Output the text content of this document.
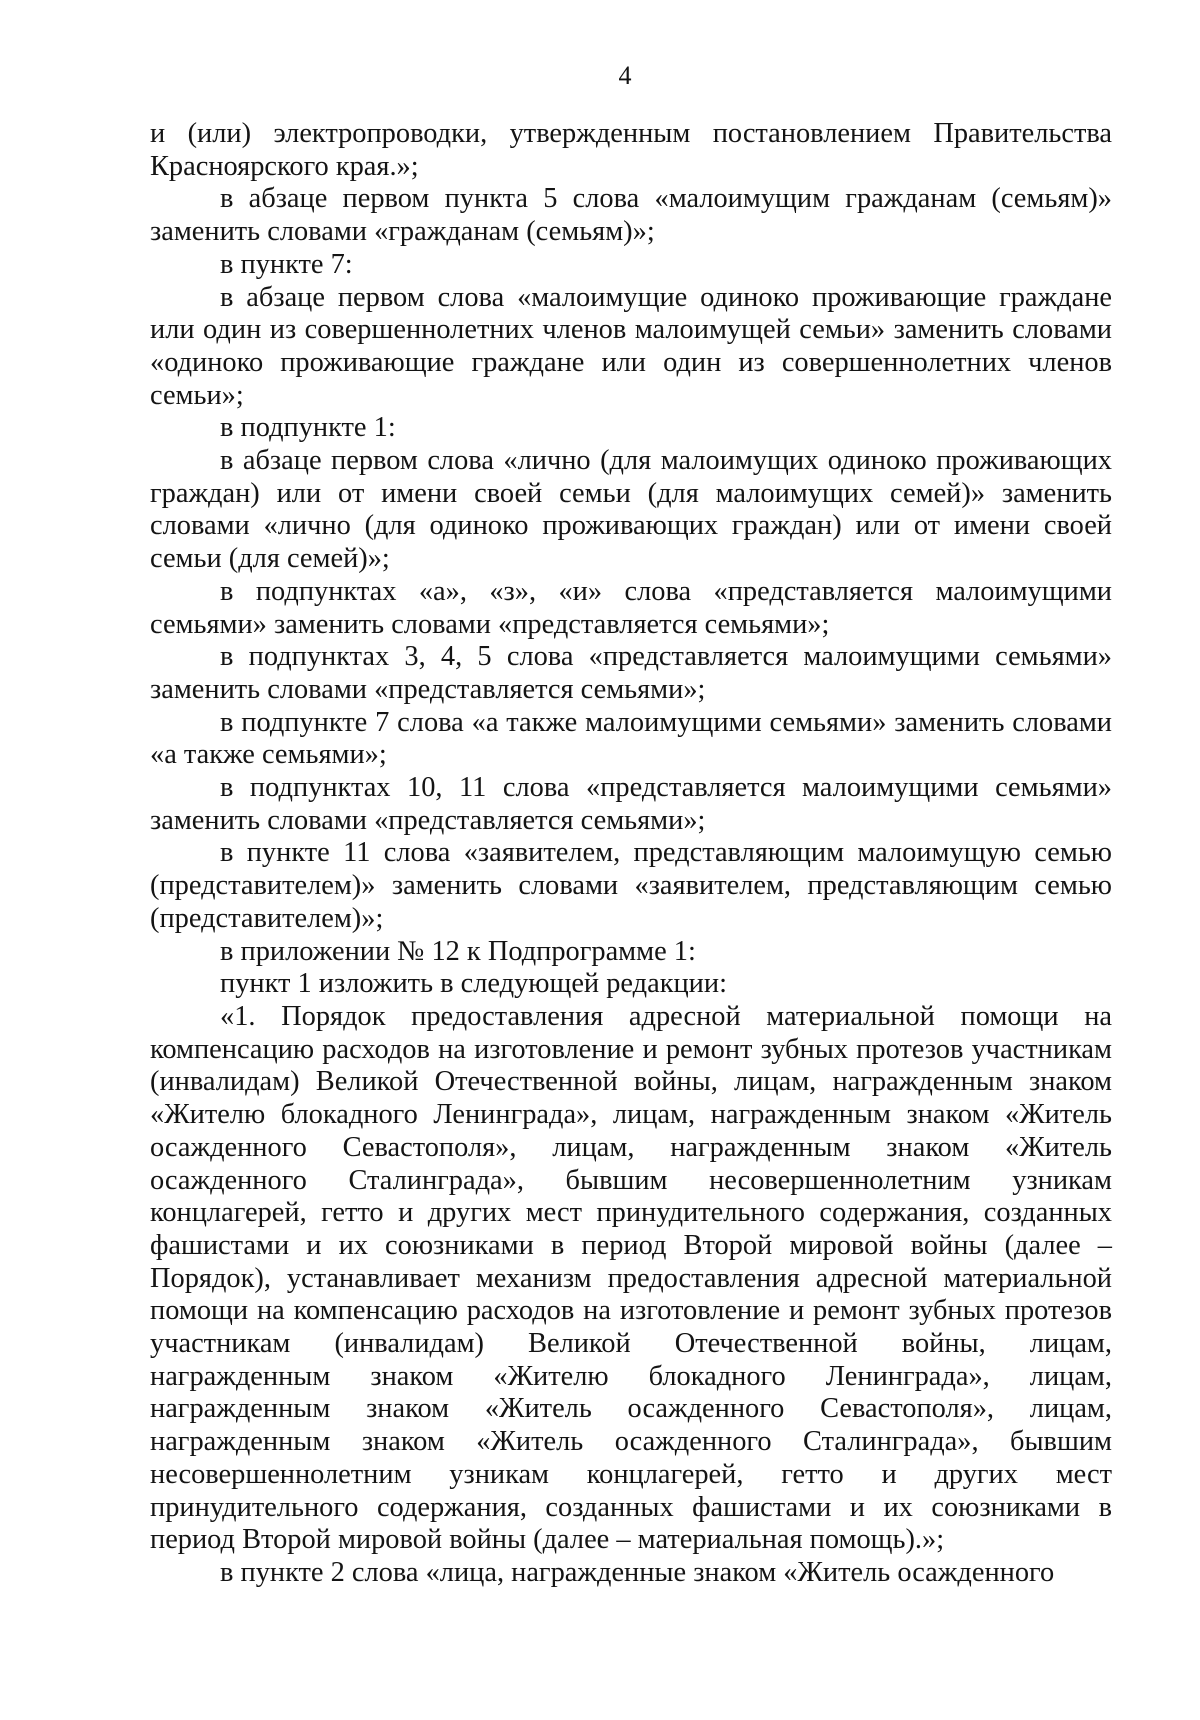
4

и (или) электропроводки, утвержденным постановлением Правительства Красноярского края.»;

в абзаце первом пункта 5 слова «малоимущим гражданам (семьям)» заменить словами «гражданам (семьям)»;

в пункте 7:

в абзаце первом слова «малоимущие одиноко проживающие граждане или один из совершеннолетних членов малоимущей семьи» заменить словами «одиноко проживающие граждане или один из совершеннолетних членов семьи»;

в подпункте 1:

в абзаце первом слова «лично (для малоимущих одиноко проживающих граждан) или от имени своей семьи (для малоимущих семей)» заменить словами «лично (для одиноко проживающих граждан) или от имени своей семьи (для семей)»;

в подпунктах «а», «з», «и» слова «представляется малоимущими семьями» заменить словами «представляется семьями»;

в подпунктах 3, 4, 5 слова «представляется малоимущими семьями» заменить словами «представляется семьями»;

в подпункте 7 слова «а также малоимущими семьями» заменить словами «а также семьями»;

в подпунктах 10, 11 слова «представляется малоимущими семьями» заменить словами «представляется семьями»;

в пункте 11 слова «заявителем, представляющим малоимущую семью (представителем)» заменить словами «заявителем, представляющим семью (представителем)»;

в приложении № 12 к Подпрограмме 1:

пункт 1 изложить в следующей редакции:

«1. Порядок предоставления адресной материальной помощи на компенсацию расходов на изготовление и ремонт зубных протезов участникам (инвалидам) Великой Отечественной войны, лицам, награжденным знаком «Жителю блокадного Ленинграда», лицам, награжденным знаком «Житель осажденного Севастополя», лицам, награжденным знаком «Житель осажденного Сталинграда», бывшим несовершеннолетним узникам концлагерей, гетто и других мест принудительного содержания, созданных фашистами и их союзниками в период Второй мировой войны (далее – Порядок), устанавливает механизм предоставления адресной материальной помощи на компенсацию расходов на изготовление и ремонт зубных протезов участникам (инвалидам) Великой Отечественной войны, лицам, награжденным знаком «Жителю блокадного Ленинграда», лицам, награжденным знаком «Житель осажденного Севастополя», лицам, награжденным знаком «Житель осажденного Сталинграда», бывшим несовершеннолетним узникам концлагерей, гетто и других мест принудительного содержания, созданных фашистами и их союзниками в период Второй мировой войны (далее – материальная помощь).»;

в пункте 2 слова «лица, награжденные знаком «Житель осажденного
